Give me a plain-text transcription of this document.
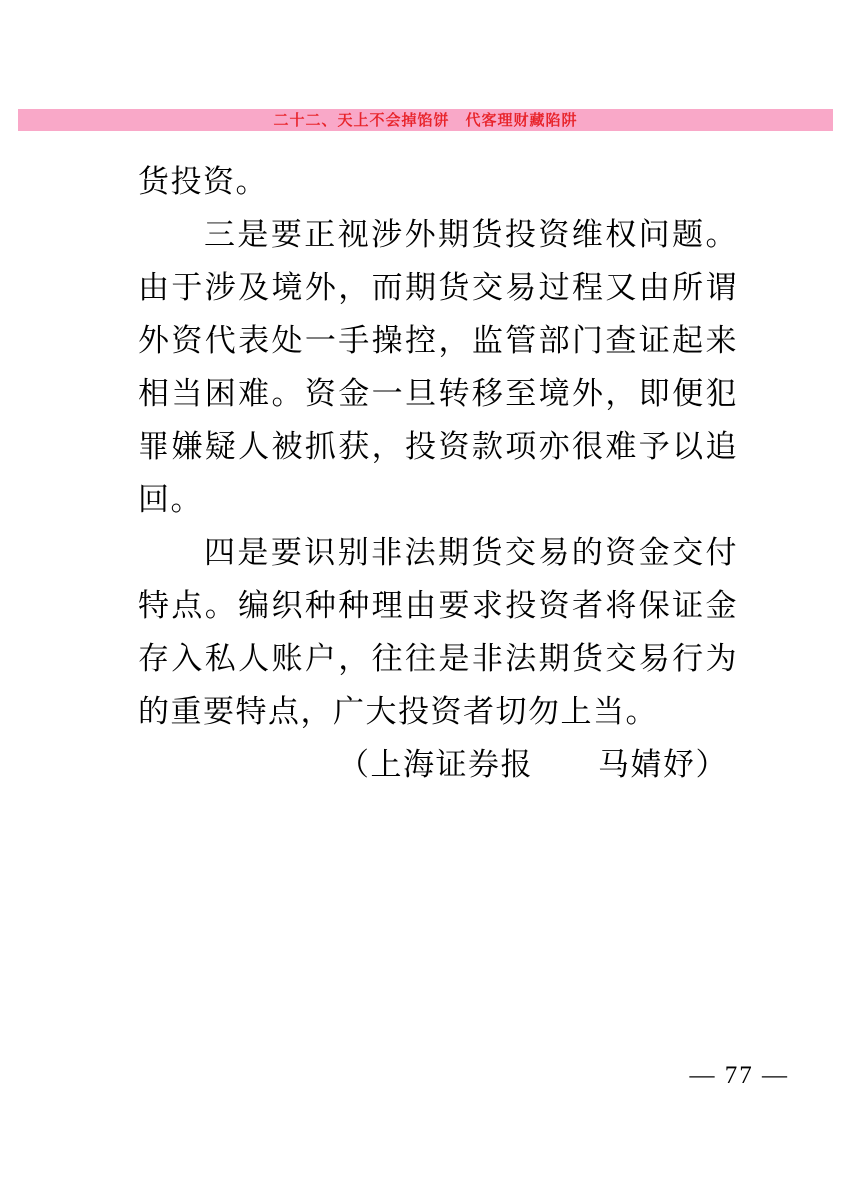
二十二、天上不会掉馅饼　代客理财藏陷阱

货投资。

三是要正视涉外期货投资维权问题。由于涉及境外，而期货交易过程又由所谓外资代表处一手操控，监管部门查证起来相当困难。资金一旦转移至境外，即便犯罪嫌疑人被抓获，投资款项亦很难予以追回。

四是要识别非法期货交易的资金交付特点。编织种种理由要求投资者将保证金存入私人账户，往往是非法期货交易行为的重要特点，广大投资者切勿上当。

（上海证券报　　马婧妤）

— 77 —
